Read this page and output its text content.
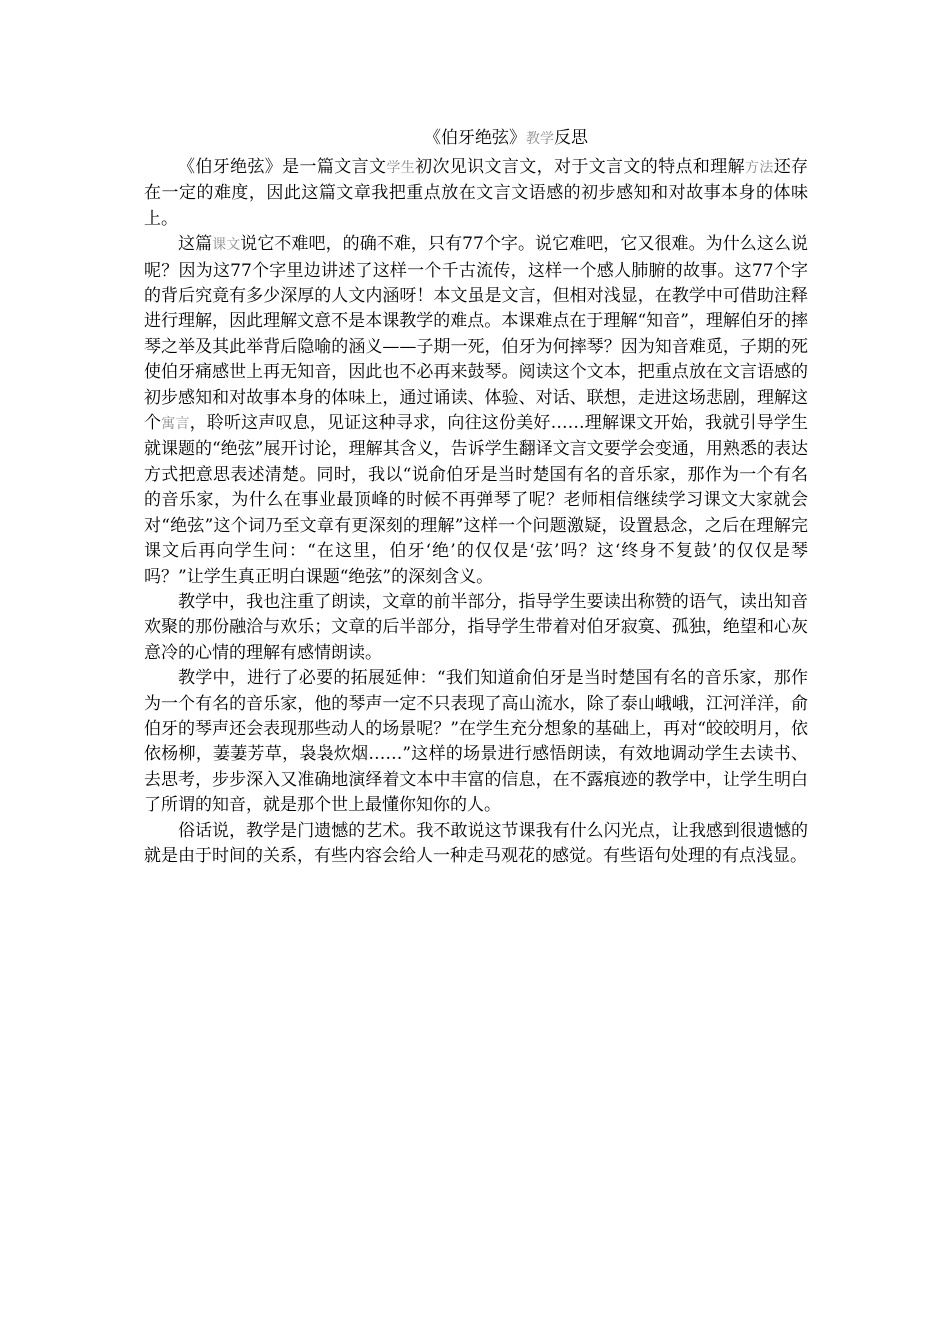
《伯牙绝弦》教学反思

《伯牙绝弦》是一篇文言文学生初次见识文言文，对于文言文的特点和理解方法还存在一定的难度，因此这篇文章我把重点放在文言文语感的初步感知和对故事本身的体味上。

这篇课文说它不难吧，的确不难，只有77个字。说它难吧，它又很难。为什么这么说呢？因为这77个字里边讲述了这样一个千古流传，这样一个感人肺腑的故事。这77个字的背后究竟有多少深厚的人文内涵呀！本文虽是文言，但相对浅显，在教学中可借助注释进行理解，因此理解文意不是本课教学的难点。本课难点在于理解“知音”，理解伯牙的摔琴之举及其此举背后隐喻的涵义——子期一死，伯牙为何摔琴？因为知音难觅，子期的死使伯牙痛感世上再无知音，因此也不必再来鼓琴。阅读这个文本，把重点放在文言语感的初步感知和对故事本身的体味上，通过诵读、体验、对话、联想，走进这场悲剧，理解这个寓言，聆听这声叹息，见证这种寻求，向往这份美好……理解课文开始，我就引导学生就课题的“绝弦”展开讨论，理解其含义，告诉学生翻译文言文要学会变通，用熟悉的表达方式把意思表述清楚。同时，我以“说俞伯牙是当时楚国有名的音乐家，那作为一个有名的音乐家，为什么在事业最顶峰的时候不再弹琴了呢？老师相信继续学习课文大家就会对“绝弦”这个词乃至文章有更深刻的理解”这样一个问题激疑，设置悬念，之后在理解完课文后再向学生问：“在这里，伯牙‘绝’的仅仅是‘弦’吗？这‘终身不复鼓’的仅仅是琴吗？”让学生真正明白课题“绝弦”的深刻含义。

教学中，我也注重了朗读，文章的前半部分，指导学生要读出称赞的语气，读出知音欢聚的那份融洽与欢乐；文章的后半部分，指导学生带着对伯牙寂寞、孤独，绝望和心灰意冷的心情的理解有感情朗读。

教学中，进行了必要的拓展延伸：“我们知道俞伯牙是当时楚国有名的音乐家，那作为一个有名的音乐家，他的琴声一定不只表现了高山流水，除了泰山峨峨，江河洋洋，俞伯牙的琴声还会表现那些动人的场景呢？”在学生充分想象的基础上，再对“皎皎明月，依依杨柳，萋萋芳草，袅袅炊烟……”这样的场景进行感悟朗读，有效地调动学生去读书、去思考，步步深入又准确地演绎着文本中丰富的信息，在不露痕迹的教学中，让学生明白了所谓的知音，就是那个世上最懂你知你的人。

俗话说，教学是门遗憾的艺术。我不敢说这节课我有什么闪光点，让我感到很遗憾的就是由于时间的关系，有些内容会给人一种走马观花的感觉。有些语句处理的有点浅显。
